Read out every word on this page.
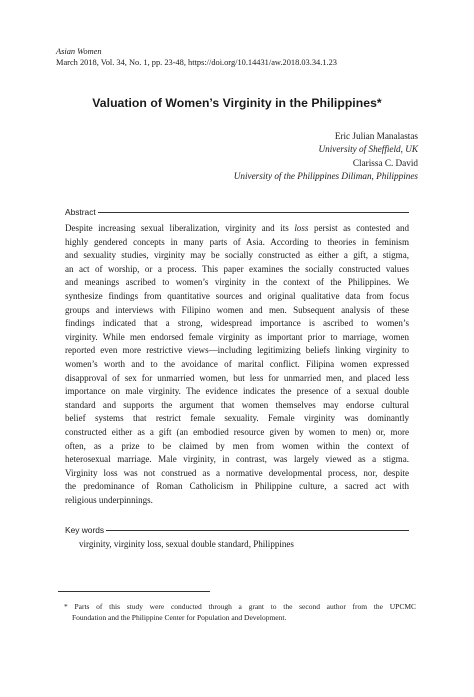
Asian Women
March 2018, Vol. 34, No. 1, pp. 23-48, https://doi.org/10.14431/aw.2018.03.34.1.23
Valuation of Women’s Virginity in the Philippines*
Eric Julian Manalastas
University of Sheffield, UK
Clarissa C. David
University of the Philippines Diliman, Philippines
Abstract
Despite increasing sexual liberalization, virginity and its loss persist as contested and
highly gendered concepts in many parts of Asia. According to theories in feminism
and sexuality studies, virginity may be socially constructed as either a gift, a stigma,
an act of worship, or a process. This paper examines the socially constructed values
and meanings ascribed to women’s virginity in the context of the Philippines. We
synthesize findings from quantitative sources and original qualitative data from focus
groups and interviews with Filipino women and men. Subsequent analysis of these
findings indicated that a strong, widespread importance is ascribed to women’s
virginity. While men endorsed female virginity as important prior to marriage, women
reported even more restrictive views—including legitimizing beliefs linking virginity to
women’s worth and to the avoidance of marital conflict. Filipina women expressed
disapproval of sex for unmarried women, but less for unmarried men, and placed less
importance on male virginity. The evidence indicates the presence of a sexual double
standard and supports the argument that women themselves may endorse cultural
belief systems that restrict female sexuality. Female virginity was dominantly
constructed either as a gift (an embodied resource given by women to men) or, more
often, as a prize to be claimed by men from women within the context of
heterosexual marriage. Male virginity, in contrast, was largely viewed as a stigma.
Virginity loss was not construed as a normative developmental process, nor, despite
the predominance of Roman Catholicism in Philippine culture, a sacred act with
religious underpinnings.
Key words
virginity, virginity loss, sexual double standard, Philippines
* Parts of this study were conducted through a grant to the second author from the UPCMC
Foundation and the Philippine Center for Population and Development.
